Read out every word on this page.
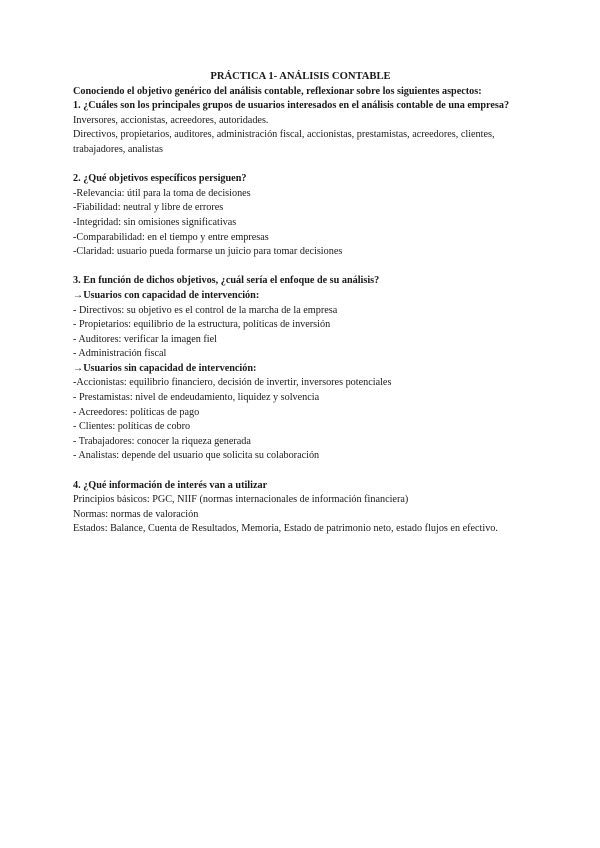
PRÁCTICA 1- ANÁLISIS CONTABLE
Conociendo el objetivo genérico del análisis contable, reflexionar sobre los siguientes aspectos:
1. ¿Cuáles son los principales grupos de usuarios interesados en el análisis contable de una empresa?
Inversores, accionistas, acreedores, autoridades.
Directivos, propietarios, auditores, administración fiscal, accionistas, prestamistas, acreedores, clientes, trabajadores, analistas
2. ¿Qué objetivos específicos persiguen?
-Relevancia: útil para la toma de decisiones
-Fiabilidad: neutral y libre de errores
-Integridad: sin omisiones significativas
-Comparabilidad: en el tiempo y entre empresas
-Claridad: usuario pueda formarse un juicio para tomar decisiones
3. En función de dichos objetivos, ¿cuál sería el enfoque de su análisis?
→Usuarios con capacidad de intervención:
- Directivos: su objetivo es el control de la marcha de la empresa
- Propietarios: equilibrio de la estructura, políticas de inversión
- Auditores: verificar la imagen fiel
- Administración fiscal
→Usuarios sin capacidad de intervención:
-Accionistas: equilibrio financiero, decisión de invertir, inversores potenciales
- Prestamistas: nivel de endeudamiento, liquidez y solvencia
- Acreedores: políticas de pago
- Clientes: políticas de cobro
- Trabajadores: conocer la riqueza generada
- Analistas: depende del usuario que solicita su colaboración
4. ¿Qué información de interés van a utilizar
Principios básicos: PGC, NIIF (normas internacionales de información financiera)
Normas: normas de valoración
Estados: Balance, Cuenta de Resultados, Memoria, Estado de patrimonio neto, estado flujos en efectivo.
